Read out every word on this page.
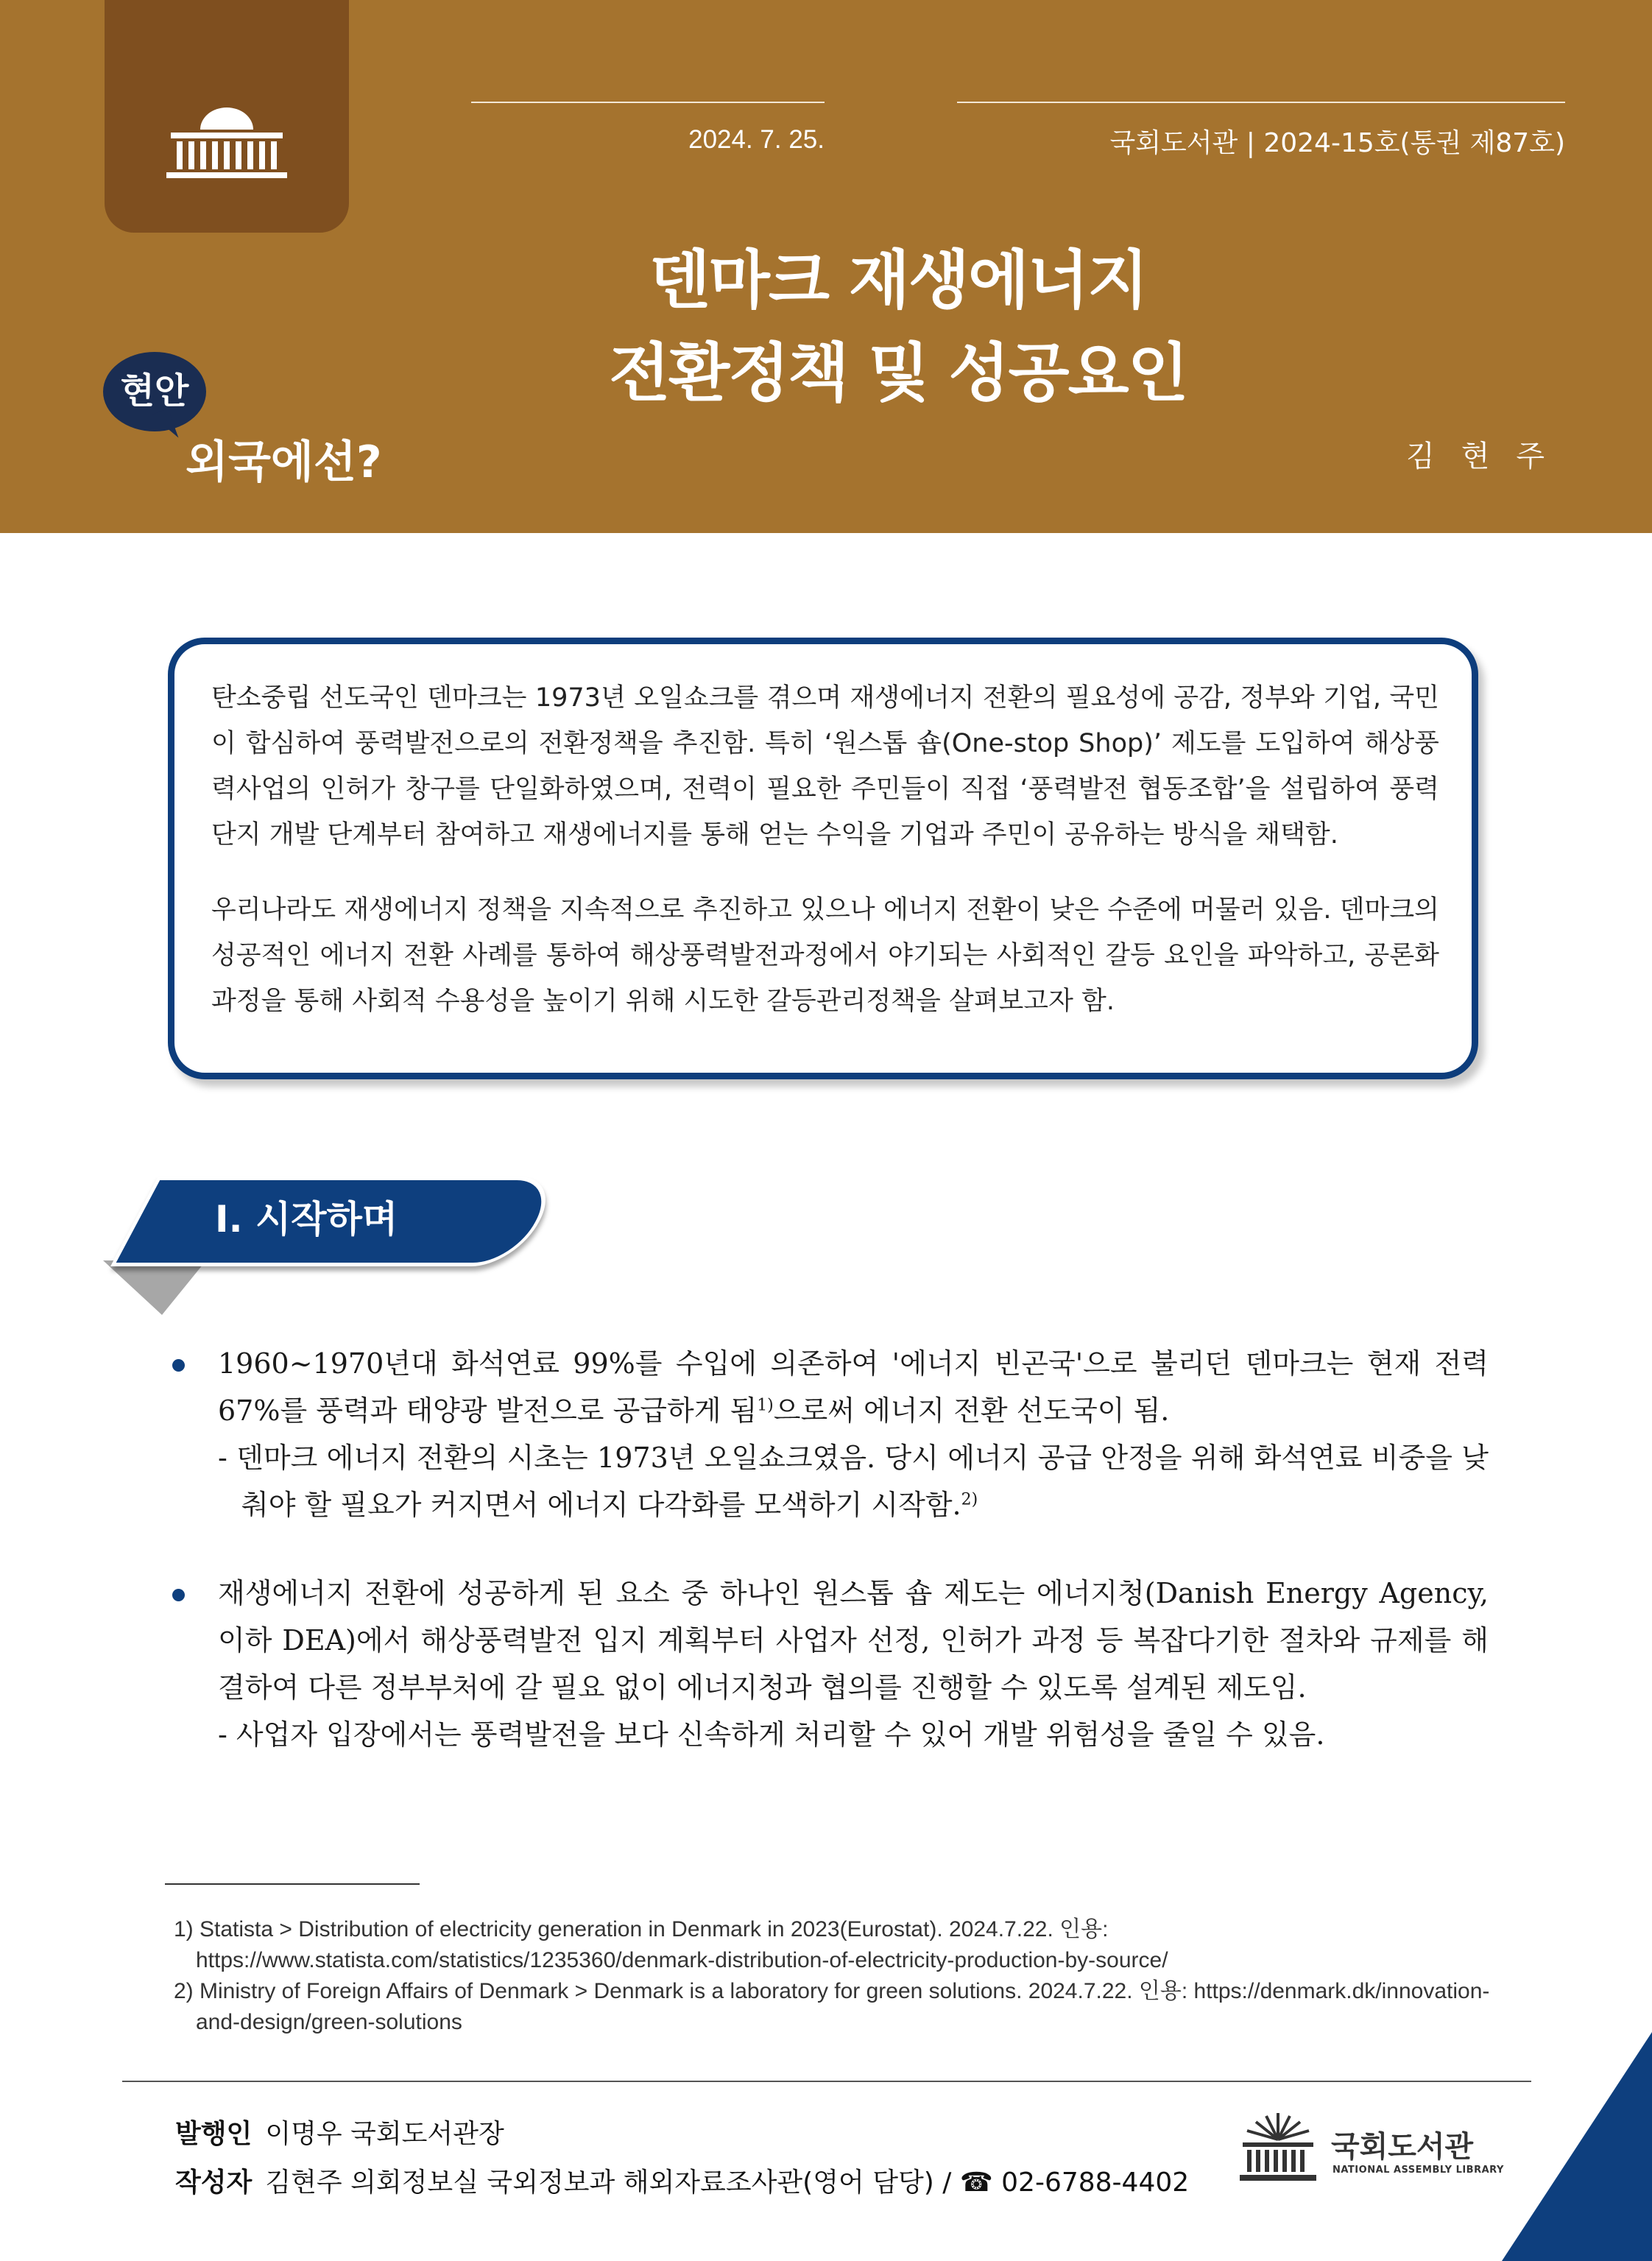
2024. 7. 25.	국회도서관 | 2024-15호(통권 제87호)
덴마크 재생에너지
전환정책 및 성공요인
현안
외국에선?	김현주

탄소중립 선도국인 덴마크는 1973년 오일쇼크를 겪으며 재생에너지 전환의 필요성에 공감, 정부와 기업, 국민이 합심하여 풍력발전으로의 전환정책을 추진함. 특히 ‘원스톱 숍(One-stop Shop)’ 제도를 도입하여 해상풍력사업의 인허가 창구를 단일화하였으며, 전력이 필요한 주민들이 직접 ‘풍력발전 협동조합’을 설립하여 풍력단지 개발 단계부터 참여하고 재생에너지를 통해 얻는 수익을 기업과 주민이 공유하는 방식을 채택함.

우리나라도 재생에너지 정책을 지속적으로 추진하고 있으나 에너지 전환이 낮은 수준에 머물러 있음. 덴마크의 성공적인 에너지 전환 사례를 통하여 해상풍력발전과정에서 야기되는 사회적인 갈등 요인을 파악하고, 공론화 과정을 통해 사회적 수용성을 높이기 위해 시도한 갈등관리정책을 살펴보고자 함.

Ⅰ. 시작하며
1960~1970년대 화석연료 99%를 수입에 의존하여 '에너지 빈곤국'으로 불리던 덴마크는 현재 전력 67%를 풍력과 태양광 발전으로 공급하게 됨$^{1)}$으로써 에너지 전환 선도국이 됨.
- 덴마크 에너지 전환의 시초는 1973년 오일쇼크였음. 당시 에너지 공급 안정을 위해 화석연료 비중을 낮춰야 할 필요가 커지면서 에너지 다각화를 모색하기 시작함.$^{2)}$
재생에너지 전환에 성공하게 된 요소 중 하나인 원스톱 숍 제도는 에너지청(Danish Energy Agency, 이하 DEA)에서 해상풍력발전 입지 계획부터 사업자 선정, 인허가 과정 등 복잡다기한 절차와 규제를 해결하여 다른 정부부처에 갈 필요 없이 에너지청과 협의를 진행할 수 있도록 설계된 제도임.
- 사업자 입장에서는 풍력발전을 보다 신속하게 처리할 수 있어 개발 위험성을 줄일 수 있음.
1) Statista > Distribution of electricity generation in Denmark in 2023(Eurostat). 2024.7.22. 인용: https://www.statista.com/statistics/1235360/denmark-distribution-of-electricity-production-by-source/
2) Ministry of Foreign Affairs of Denmark > Denmark is a laboratory for green solutions. 2024.7.22. 인용: https://denmark.dk/innovation-and-design/green-solutions
발행인 이명우 국회도서관장
작성자 김현주 의회정보실 국외정보과 해외자료조사관(영어 담당) / ☎ 02-6788-4402
국회도서관
NATIONAL ASSEMBLY LIBRARY
